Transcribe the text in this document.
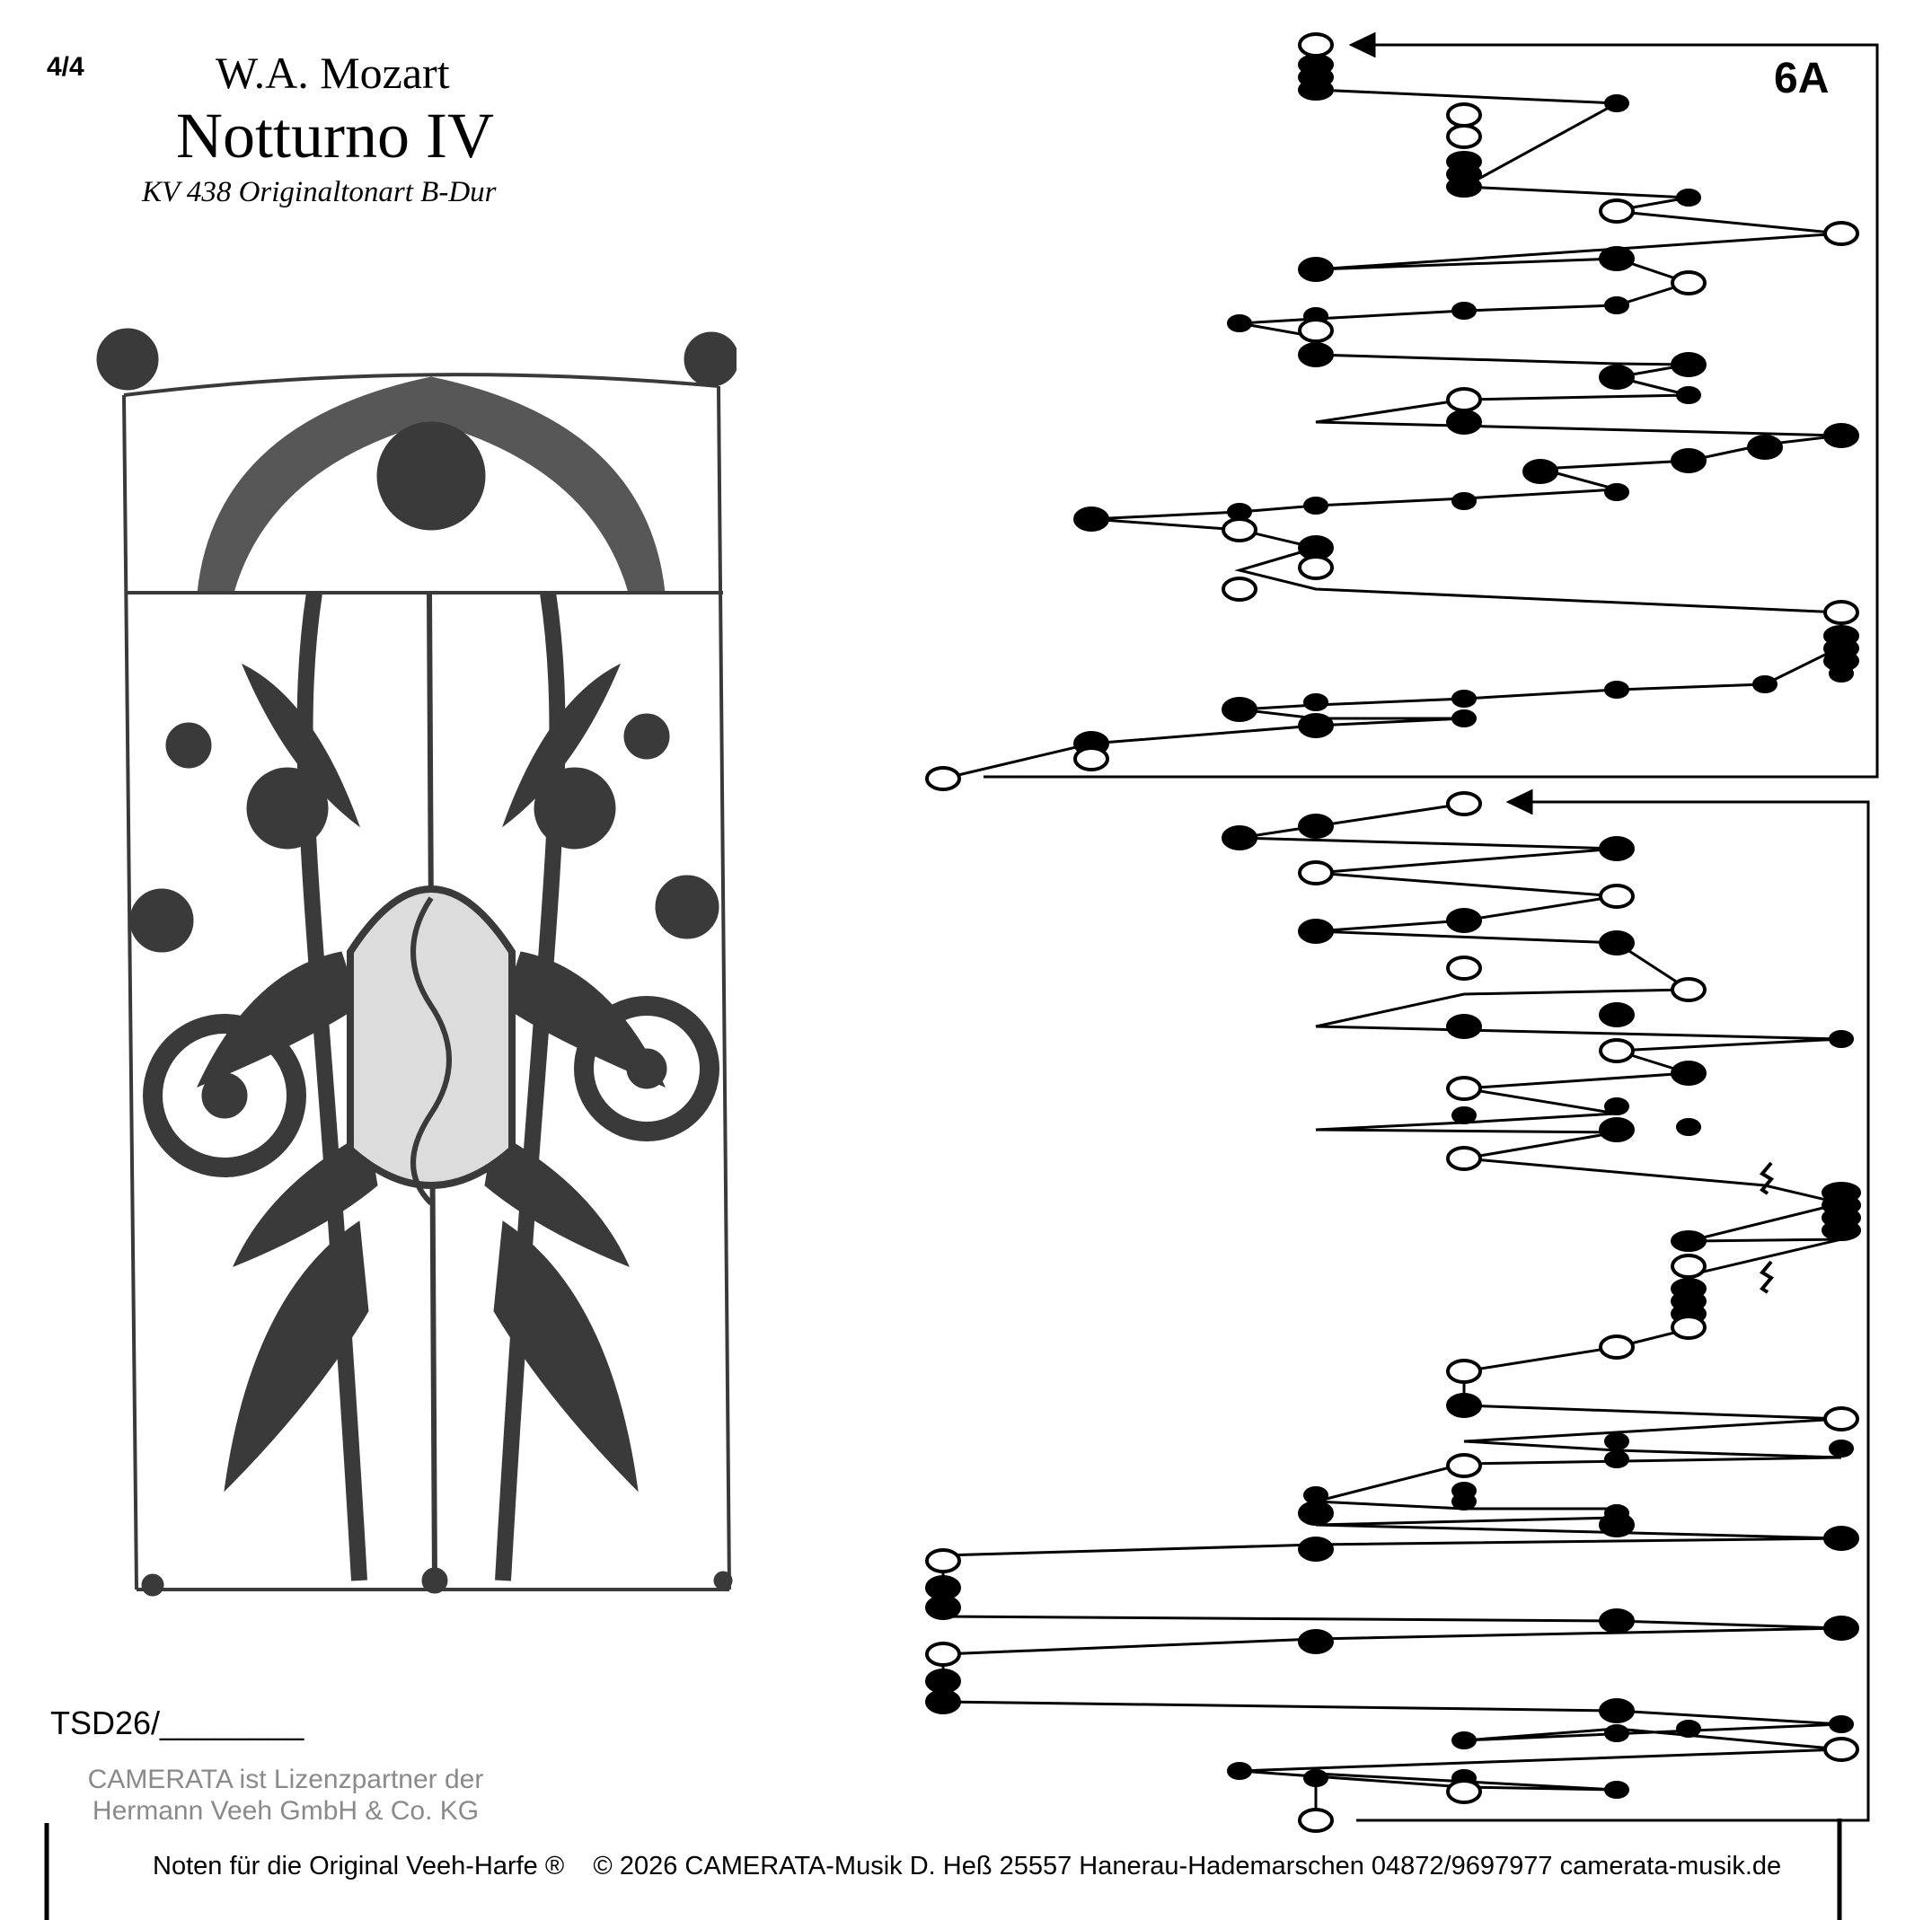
4/4	W.A. Mozart
Notturno IV
KV 438 Originaltonart B-Dur
6A
TSD26/________
CAMERATA ist Lizenzpartner der
Hermann Veeh GmbH & Co. KG
Noten für die Original Veeh-Harfe ®    © 2026 CAMERATA-Musik D. Heß 25557 Hanerau-Hademarschen 04872/9697977 camerata-musik.de
